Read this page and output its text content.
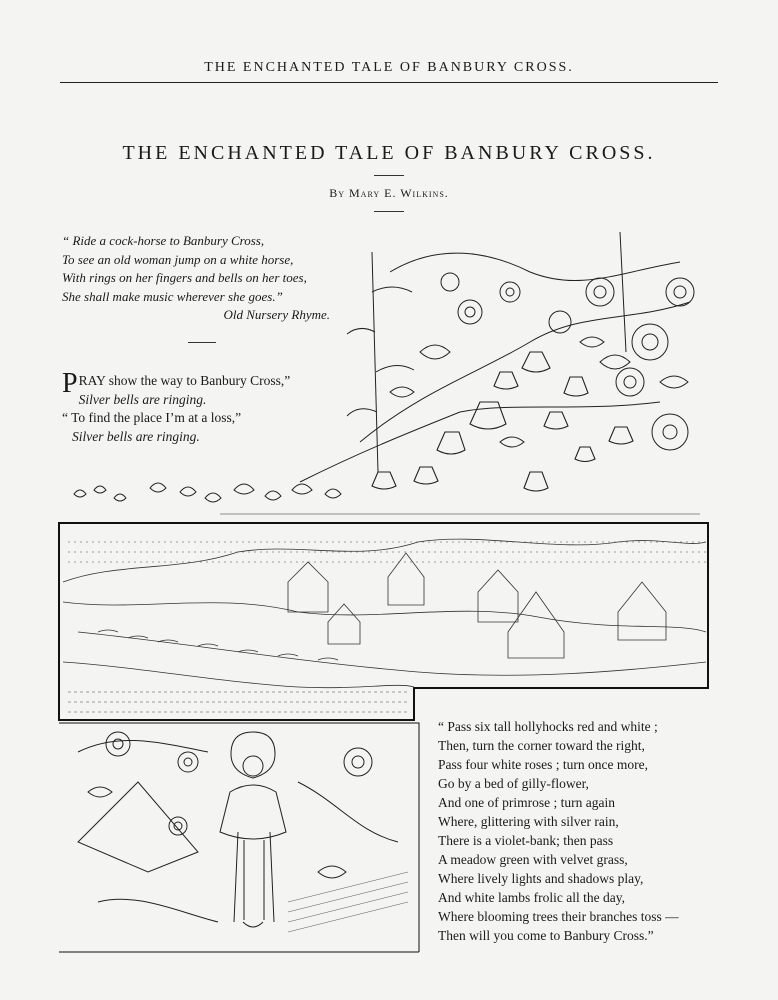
THE ENCHANTED TALE OF BANBURY CROSS.
THE ENCHANTED TALE OF BANBURY CROSS.
By Mary E. Wilkins.
“ Ride a cock-horse to Banbury Cross,
To see an old woman jump on a white horse,
With rings on her fingers and bells on her toes,
She shall make music wherever she goes.”
Old Nursery Rhyme.
PRAY show the way to Banbury Cross,”
Silver bells are ringing.
“ To find the place I’m at a loss,”
Silver bells are ringing.
“ Pass six tall hollyhocks red and white ;
Then, turn the corner toward the right,
Pass four white roses ; turn once more,
Go by a bed of gilly-flower,
And one of primrose ; turn again
Where, glittering with silver rain,
There is a violet-bank; then pass
A meadow green with velvet grass,
Where lively lights and shadows play,
And white lambs frolic all the day,
Where blooming trees their branches toss —
Then will you come to Banbury Cross.”
